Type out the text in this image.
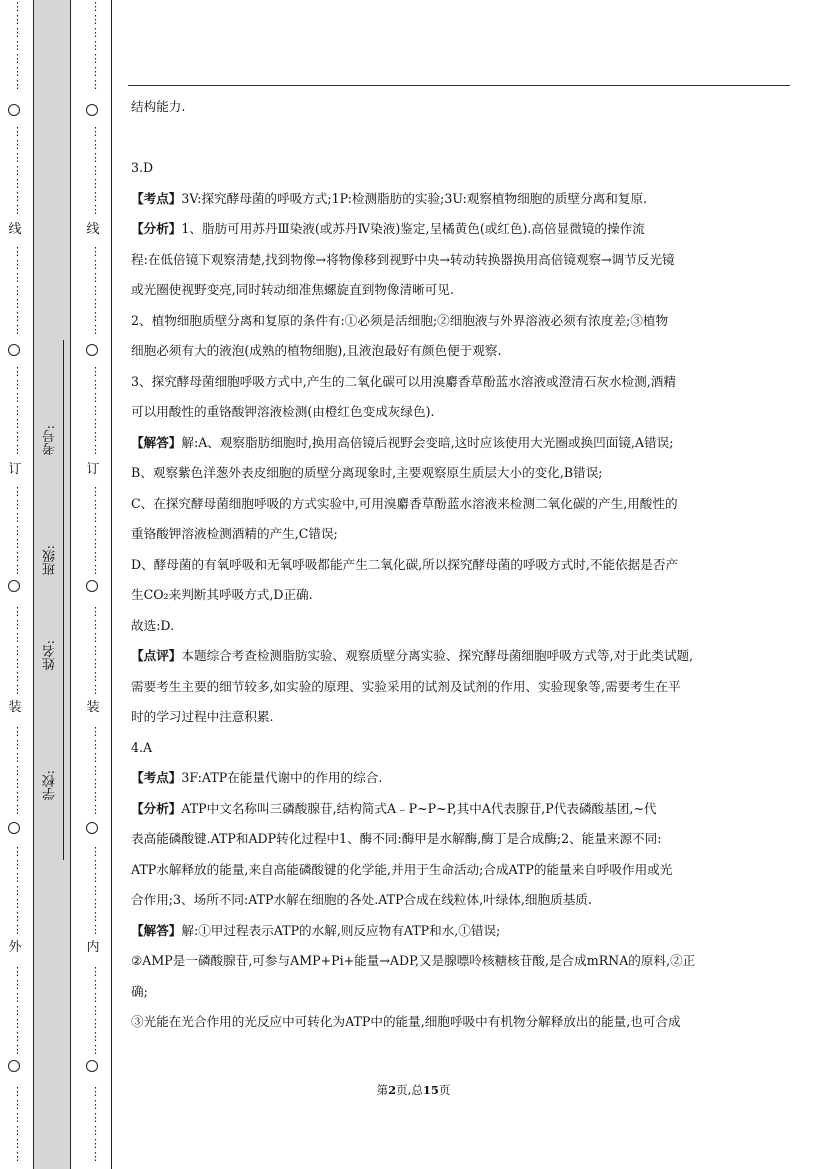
⋮
⋮
⋮
⋮
⋮
⋮
⋮
⋮
⋮
⋮
⋮
⋮
⋮
⋮
⋮
⋮
⋮
⋮
⋮
⋮
⋮
⋮
⋮
⋮
⋮
⋮
⋮
⋮
⋮
⋮
⋮
⋮
⋮
⋮
⋮
⋮
⋮
⋮
⋮
⋮
⋮
⋮
⋮
⋮
⋮
⋮
⋮
⋮
⋮
⋮
⋮
⋮
⋮
⋮
⋮
⋮
⋮
⋮
⋮
⋮
⋮
⋮
⋮
⋮
⋮
⋮
⋮
⋮
⋮
线
订
装
外
⋮
⋮
⋮
⋮
⋮
⋮
⋮
⋮
⋮
⋮
⋮
⋮
⋮
⋮
⋮
⋮
⋮
⋮
⋮
⋮
⋮
⋮
⋮
⋮
⋮
⋮
⋮
⋮
⋮
⋮
⋮
⋮
⋮
⋮
⋮
⋮
⋮
⋮
⋮
⋮
⋮
⋮
⋮
⋮
⋮
⋮
⋮
⋮
⋮
⋮
⋮
⋮
⋮
⋮
⋮
⋮
⋮
⋮
⋮
⋮
⋮
⋮
⋮
⋮
⋮
⋮
⋮
⋮
⋮
线
订
装
内
学校:
姓名:
班级:
考号:

结构能力.

3.D

【考点】3V:探究酵母菌的呼吸方式;1P:检测脂肪的实验;3U:观察植物细胞的质壁分离和复原.

【分析】1、脂肪可用苏丹Ⅲ染液(或苏丹Ⅳ染液)鉴定,呈橘黄色(或红色).高倍显微镜的操作流

程:在低倍镜下观察清楚,找到物像→将物像移到视野中央→转动转换器换用高倍镜观察→调节反光镜

或光圈使视野变亮,同时转动细准焦螺旋直到物像清晰可见.

2、植物细胞质壁分离和复原的条件有:①必须是活细胞;②细胞液与外界溶液必须有浓度差;③植物

细胞必须有大的液泡(成熟的植物细胞),且液泡最好有颜色便于观察.

3、探究酵母菌细胞呼吸方式中,产生的二氧化碳可以用溴麝香草酚蓝水溶液或澄清石灰水检测,酒精

可以用酸性的重铬酸钾溶液检测(由橙红色变成灰绿色).

【解答】解:A、观察脂肪细胞时,换用高倍镜后视野会变暗,这时应该使用大光圈或换凹面镜,A错误;

B、观察紫色洋葱外表皮细胞的质壁分离现象时,主要观察原生质层大小的变化,B错误;

C、在探究酵母菌细胞呼吸的方式实验中,可用溴麝香草酚蓝水溶液来检测二氧化碳的产生,用酸性的

重铬酸钾溶液检测酒精的产生,C错误;

D、酵母菌的有氧呼吸和无氧呼吸都能产生二氧化碳,所以探究酵母菌的呼吸方式时,不能依据是否产

生CO₂来判断其呼吸方式,D正确.

故选:D.

【点评】本题综合考查检测脂肪实验、观察质壁分离实验、探究酵母菌细胞呼吸方式等,对于此类试题,

需要考生主要的细节较多,如实验的原理、实验采用的试剂及试剂的作用、实验现象等,需要考生在平

时的学习过程中注意积累.

4.A

【考点】3F:ATP在能量代谢中的作用的综合.

【分析】ATP中文名称叫三磷酸腺苷,结构简式A﹣P~P~P,其中A代表腺苷,P代表磷酸基团,~代

表高能磷酸键.ATP和ADP转化过程中1、酶不同:酶甲是水解酶,酶丁是合成酶;2、能量来源不同:

ATP水解释放的能量,来自高能磷酸键的化学能,并用于生命活动;合成ATP的能量来自呼吸作用或光

合作用;3、场所不同:ATP水解在细胞的各处.ATP合成在线粒体,叶绿体,细胞质基质.

【解答】解:①甲过程表示ATP的水解,则反应物有ATP和水,①错误;

②AMP是一磷酸腺苷,可参与AMP+Pi+能量→ADP,又是腺嘌呤核糖核苷酸,是合成mRNA的原料,②正

确;

③光能在光合作用的光反应中可转化为ATP中的能量,细胞呼吸中有机物分解释放出的能量,也可合成

第2页,总15页
